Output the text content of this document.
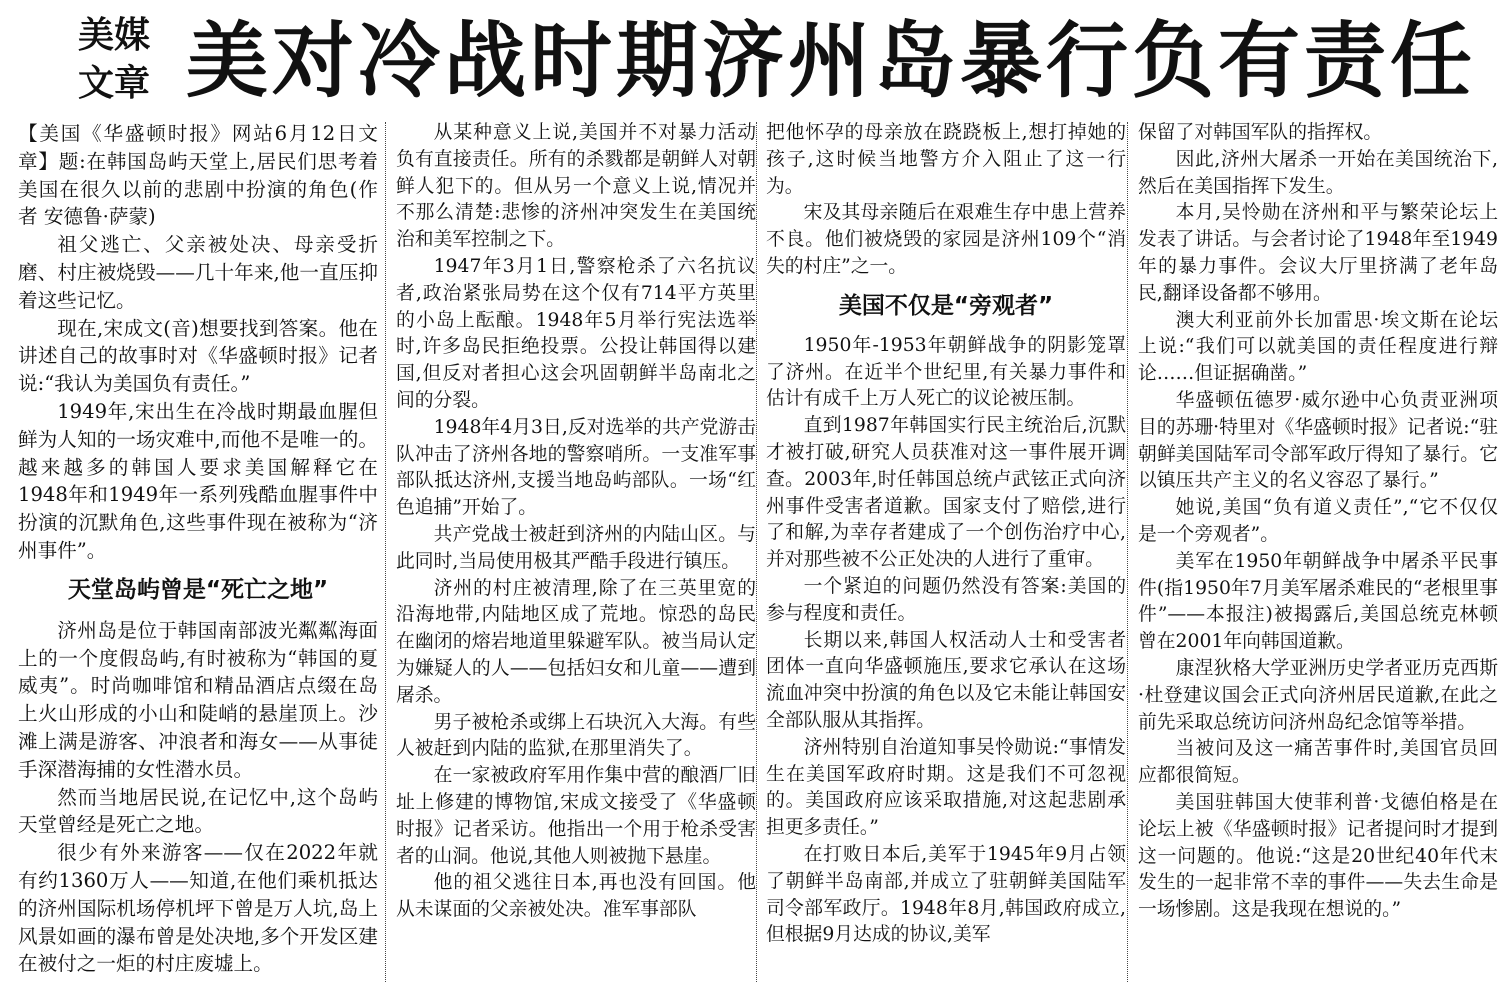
美媒
文章 美对冷战时期济州岛暴行负有责任

【美国《华盛顿时报》网站6月12日文章】题:在韩国岛屿天堂上,居民们思考着美国在很久以前的悲剧中扮演的角色(作者 安德鲁·萨蒙)

祖父逃亡、父亲被处决、母亲受折磨、村庄被烧毁——几十年来,他一直压抑着这些记忆。

现在,宋成文(音)想要找到答案。他在讲述自己的故事时对《华盛顿时报》记者说:“我认为美国负有责任。”

1949年,宋出生在冷战时期最血腥但鲜为人知的一场灾难中,而他不是唯一的。越来越多的韩国人要求美国解释它在1948年和1949年一系列残酷血腥事件中扮演的沉默角色,这些事件现在被称为“济州事件”。

天堂岛屿曾是“死亡之地”

济州岛是位于韩国南部波光粼粼海面上的一个度假岛屿,有时被称为“韩国的夏威夷”。时尚咖啡馆和精品酒店点缀在岛上火山形成的小山和陡峭的悬崖顶上。沙滩上满是游客、冲浪者和海女——从事徒手深潜海捕的女性潜水员。

然而当地居民说,在记忆中,这个岛屿天堂曾经是死亡之地。

很少有外来游客——仅在2022年就有约1360万人——知道,在他们乘机抵达的济州国际机场停机坪下曾是万人坑,岛上风景如画的瀑布曾是处决地,多个开发区建在被付之一炬的村庄废墟上。

从某种意义上说,美国并不对暴力活动负有直接责任。所有的杀戮都是朝鲜人对朝鲜人犯下的。但从另一个意义上说,情况并不那么清楚:悲惨的济州冲突发生在美国统治和美军控制之下。

1947年3月1日,警察枪杀了六名抗议者,政治紧张局势在这个仅有714平方英里的小岛上酝酿。1948年5月举行宪法选举时,许多岛民拒绝投票。公投让韩国得以建国,但反对者担心这会巩固朝鲜半岛南北之间的分裂。

1948年4月3日,反对选举的共产党游击队冲击了济州各地的警察哨所。一支准军事部队抵达济州,支援当地岛屿部队。一场“红色追捕”开始了。

共产党战士被赶到济州的内陆山区。与此同时,当局使用极其严酷手段进行镇压。

济州的村庄被清理,除了在三英里宽的沿海地带,内陆地区成了荒地。惊恐的岛民在幽闭的熔岩地道里躲避军队。被当局认定为嫌疑人的人——包括妇女和儿童——遭到屠杀。

男子被枪杀或绑上石块沉入大海。有些人被赶到内陆的监狱,在那里消失了。

在一家被政府军用作集中营的酿酒厂旧址上修建的博物馆,宋成文接受了《华盛顿时报》记者采访。他指出一个用于枪杀受害者的山洞。他说,其他人则被抛下悬崖。

他的祖父逃往日本,再也没有回国。他从未谋面的父亲被处决。准军事部队

把他怀孕的母亲放在跷跷板上,想打掉她的孩子,这时候当地警方介入阻止了这一行为。

宋及其母亲随后在艰难生存中患上营养不良。他们被烧毁的家园是济州109个“消失的村庄”之一。

美国不仅是“旁观者”

1950年-1953年朝鲜战争的阴影笼罩了济州。在近半个世纪里,有关暴力事件和估计有成千上万人死亡的议论被压制。

直到1987年韩国实行民主统治后,沉默才被打破,研究人员获准对这一事件展开调查。2003年,时任韩国总统卢武铉正式向济州事件受害者道歉。国家支付了赔偿,进行了和解,为幸存者建成了一个创伤治疗中心,并对那些被不公正处决的人进行了重审。

一个紧迫的问题仍然没有答案:美国的参与程度和责任。

长期以来,韩国人权活动人士和受害者团体一直向华盛顿施压,要求它承认在这场流血冲突中扮演的角色以及它未能让韩国安全部队服从其指挥。

济州特别自治道知事吴怜勋说:“事情发生在美国军政府时期。这是我们不可忽视的。美国政府应该采取措施,对这起悲剧承担更多责任。”

在打败日本后,美军于1945年9月占领了朝鲜半岛南部,并成立了驻朝鲜美国陆军司令部军政厅。1948年8月,韩国政府成立,但根据9月达成的协议,美军

保留了对韩国军队的指挥权。

因此,济州大屠杀一开始在美国统治下,然后在美国指挥下发生。

本月,吴怜勋在济州和平与繁荣论坛上发表了讲话。与会者讨论了1948年至1949年的暴力事件。会议大厅里挤满了老年岛民,翻译设备都不够用。

澳大利亚前外长加雷思·埃文斯在论坛上说:“我们可以就美国的责任程度进行辩论……但证据确凿。”

华盛顿伍德罗·威尔逊中心负责亚洲项目的苏珊·特里对《华盛顿时报》记者说:“驻朝鲜美国陆军司令部军政厅得知了暴行。它以镇压共产主义的名义容忍了暴行。”

她说,美国“负有道义责任”,“它不仅仅是一个旁观者”。

美军在1950年朝鲜战争中屠杀平民事件(指1950年7月美军屠杀难民的“老根里事件”——本报注)被揭露后,美国总统克林顿曾在2001年向韩国道歉。

康涅狄格大学亚洲历史学者亚历克西斯·杜登建议国会正式向济州居民道歉,在此之前先采取总统访问济州岛纪念馆等举措。

当被问及这一痛苦事件时,美国官员回应都很简短。

美国驻韩国大使菲利普·戈德伯格是在论坛上被《华盛顿时报》记者提问时才提到这一问题的。他说:“这是20世纪40年代末发生的一起非常不幸的事件——失去生命是一场惨剧。这是我现在想说的。”
